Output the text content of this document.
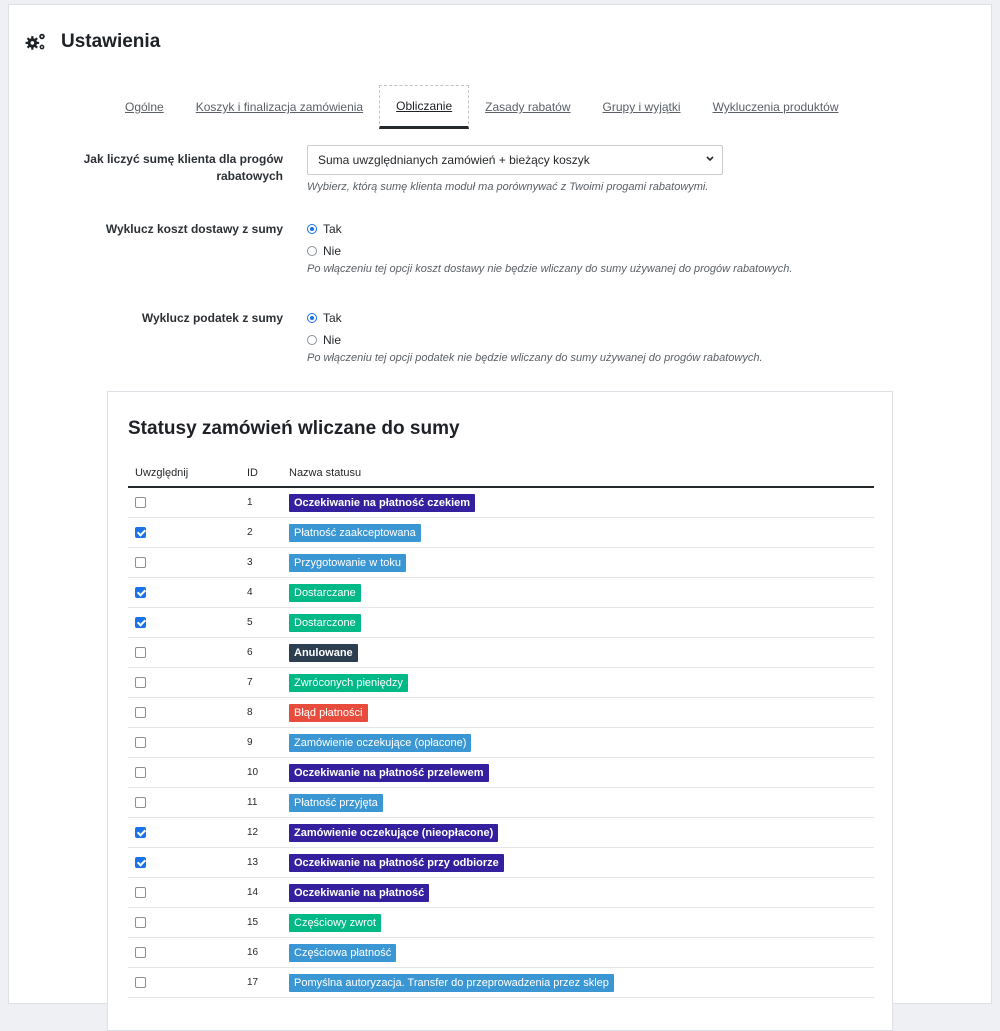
Ustawienia
Ogólne	Koszyk i finalizacja zamówienia	Obliczanie	Zasady rabatów	Grupy i wyjątki	Wykluczenia produktów
Jak liczyć sumę klienta dla progów rabatowych
Suma uwzględnianych zamówień + bieżący koszyk
Wybierz, którą sumę klienta moduł ma porównywać z Twoimi progami rabatowymi.
Wyklucz koszt dostawy z sumy	Tak
Nie
Po włączeniu tej opcji koszt dostawy nie będzie wliczany do sumy używanej do progów rabatowych.
Wyklucz podatek z sumy	Tak
Nie
Po włączeniu tej opcji podatek nie będzie wliczany do sumy używanej do progów rabatowych.
Statusy zamówień wliczane do sumy
Uwzględnij	ID	Nazwa statusu

	1	Oczekiwanie na płatność czekiem

	2	Płatność zaakceptowana

	3	Przygotowanie w toku

	4	Dostarczane

	5	Dostarczone

	6	Anulowane

	7	Zwróconych pieniędzy

	8	Błąd płatności

	9	Zamówienie oczekujące (opłacone)

	10	Oczekiwanie na płatność przelewem

	11	Płatność przyjęta

	12	Zamówienie oczekujące (nieopłacone)

	13	Oczekiwanie na płatność przy odbiorze

	14	Oczekiwanie na płatność

	15	Częściowy zwrot

	16	Częściowa płatność

	17	Pomyślna autoryzacja. Transfer do przeprowadzenia przez sklep
